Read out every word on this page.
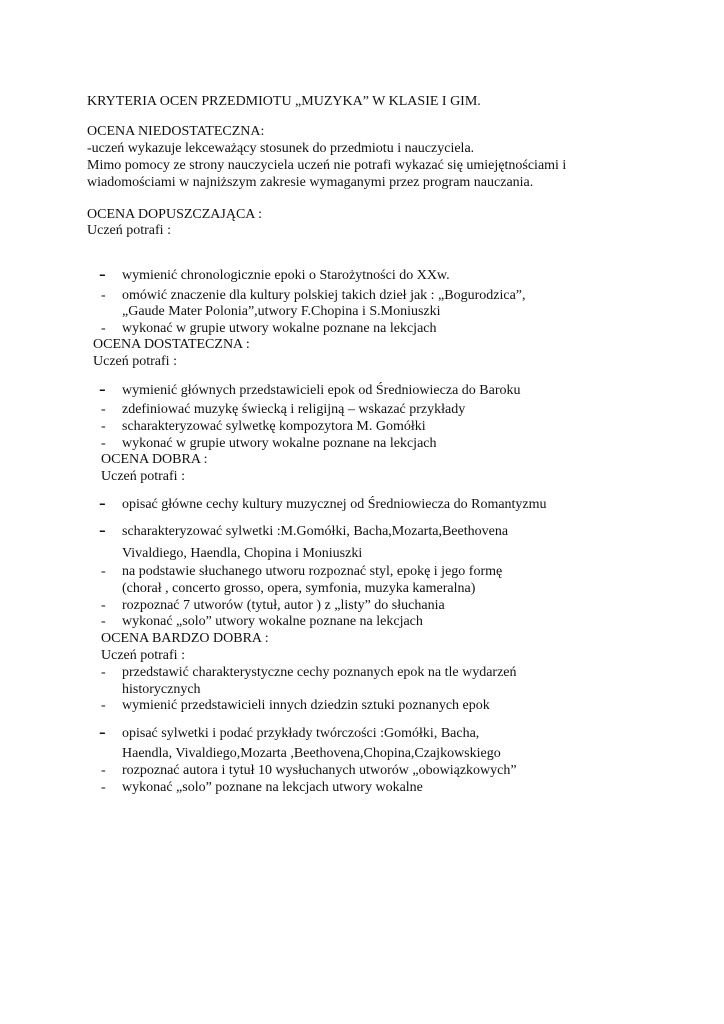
KRYTERIA OCEN PRZEDMIOTU „MUZYKA” W KLASIE I GIM.
OCENA NIEDOSTATECZNA:
-uczeń wykazuje lekceważący stosunek do przedmiotu i nauczyciela.
Mimo pomocy ze strony nauczyciela uczeń nie potrafi wykazać się umiejętnościami i
wiadomościami w najniższym zakresie wymaganymi przez program nauczania.
OCENA DOPUSZCZAJĄCA :
Uczeń potrafi :
- wymienić chronologicznie epoki o Starożytności do XXw.
- omówić znaczenie dla kultury polskiej takich dzieł jak : „Bogurodzica”,
„Gaude Mater Polonia”,utwory F.Chopina i S.Moniuszki
- wykonać w grupie utwory wokalne poznane na lekcjach
OCENA DOSTATECZNA :
Uczeń potrafi :
- wymienić głównych przedstawicieli epok od Średniowiecza do Baroku
- zdefiniować muzykę świecką i religijną – wskazać przykłady
- scharakteryzować sylwetkę kompozytora M. Gomółki
- wykonać w grupie utwory wokalne poznane na lekcjach
OCENA DOBRA :
Uczeń potrafi :
- opisać główne cechy kultury muzycznej od Średniowiecza do Romantyzmu
- scharakteryzować sylwetki :M.Gomółki, Bacha,Mozarta,Beethovena
Vivaldiego, Haendla, Chopina i Moniuszki
- na podstawie słuchanego utworu rozpoznać styl, epokę i jego formę
(chorał , concerto grosso, opera, symfonia, muzyka kameralna)
- rozpoznać 7 utworów (tytuł, autor ) z „listy” do słuchania
- wykonać „solo” utwory wokalne poznane na lekcjach
OCENA BARDZO DOBRA :
Uczeń potrafi :
- przedstawić charakterystyczne cechy poznanych epok na tle wydarzeń
historycznych
- wymienić przedstawicieli innych dziedzin sztuki poznanych epok
- opisać sylwetki i podać przykłady twórczości :Gomółki, Bacha,
Haendla, Vivaldiego,Mozarta ,Beethovena,Chopina,Czajkowskiego
- rozpoznać autora i tytuł 10 wysłuchanych utworów „obowiązkowych”
- wykonać „solo” poznane na lekcjach utwory wokalne
